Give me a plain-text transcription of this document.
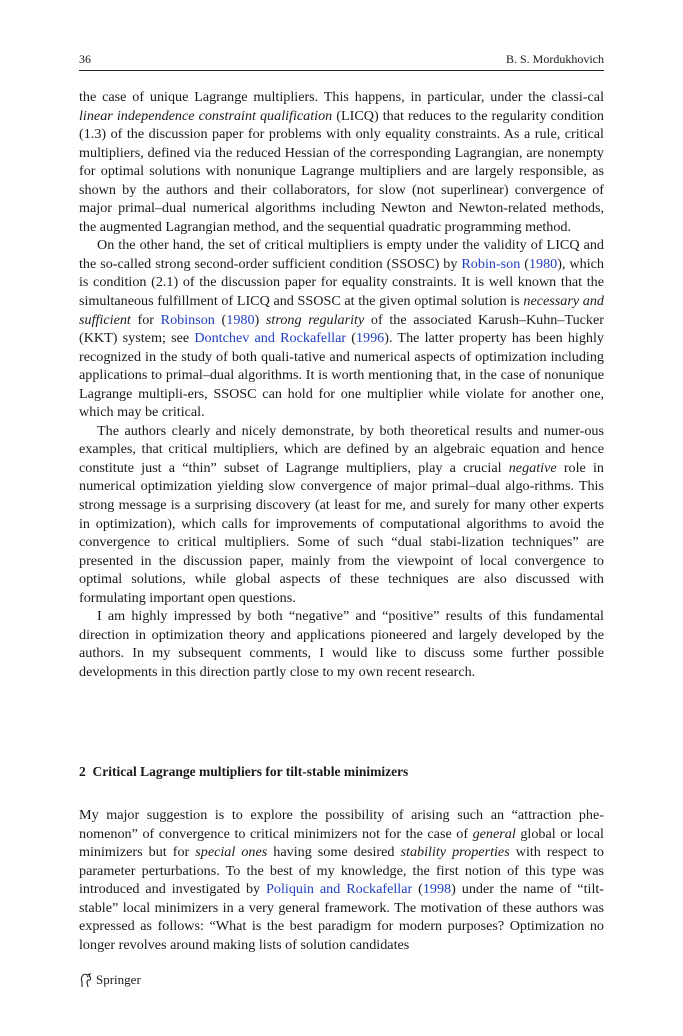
36	B. S. Mordukhovich

the case of unique Lagrange multipliers. This happens, in particular, under the classi-cal linear independence constraint qualification (LICQ) that reduces to the regularity condition (1.3) of the discussion paper for problems with only equality constraints. As a rule, critical multipliers, defined via the reduced Hessian of the corresponding Lagrangian, are nonempty for optimal solutions with nonunique Lagrange multipliers and are largely responsible, as shown by the authors and their collaborators, for slow (not superlinear) convergence of major primal–dual numerical algorithms including Newton and Newton-related methods, the augmented Lagrangian method, and the sequential quadratic programming method.

On the other hand, the set of critical multipliers is empty under the validity of LICQ and the so-called strong second-order sufficient condition (SSOSC) by Robin-son (1980), which is condition (2.1) of the discussion paper for equality constraints. It is well known that the simultaneous fulfillment of LICQ and SSOSC at the given optimal solution is necessary and sufficient for Robinson (1980) strong regularity of the associated Karush–Kuhn–Tucker (KKT) system; see Dontchev and Rockafellar (1996). The latter property has been highly recognized in the study of both quali-tative and numerical aspects of optimization including applications to primal–dual algorithms. It is worth mentioning that, in the case of nonunique Lagrange multipli-ers, SSOSC can hold for one multiplier while violate for another one, which may be critical.

The authors clearly and nicely demonstrate, by both theoretical results and numer-ous examples, that critical multipliers, which are defined by an algebraic equation and hence constitute just a “thin” subset of Lagrange multipliers, play a crucial negative role in numerical optimization yielding slow convergence of major primal–dual algo-rithms. This strong message is a surprising discovery (at least for me, and surely for many other experts in optimization), which calls for improvements of computational algorithms to avoid the convergence to critical multipliers. Some of such “dual stabi-lization techniques” are presented in the discussion paper, mainly from the viewpoint of local convergence to optimal solutions, while global aspects of these techniques are also discussed with formulating important open questions.

I am highly impressed by both “negative” and “positive” results of this fundamental direction in optimization theory and applications pioneered and largely developed by the authors. In my subsequent comments, I would like to discuss some further possible developments in this direction partly close to my own recent research.

2 Critical Lagrange multipliers for tilt-stable minimizers

My major suggestion is to explore the possibility of arising such an “attraction phe-nomenon” of convergence to critical minimizers not for the case of general global or local minimizers but for special ones having some desired stability properties with respect to parameter perturbations. To the best of my knowledge, the first notion of this type was introduced and investigated by Poliquin and Rockafellar (1998) under the name of “tilt-stable” local minimizers in a very general framework. The motivation of these authors was expressed as follows: “What is the best paradigm for modern purposes? Optimization no longer revolves around making lists of solution candidates

Springer
